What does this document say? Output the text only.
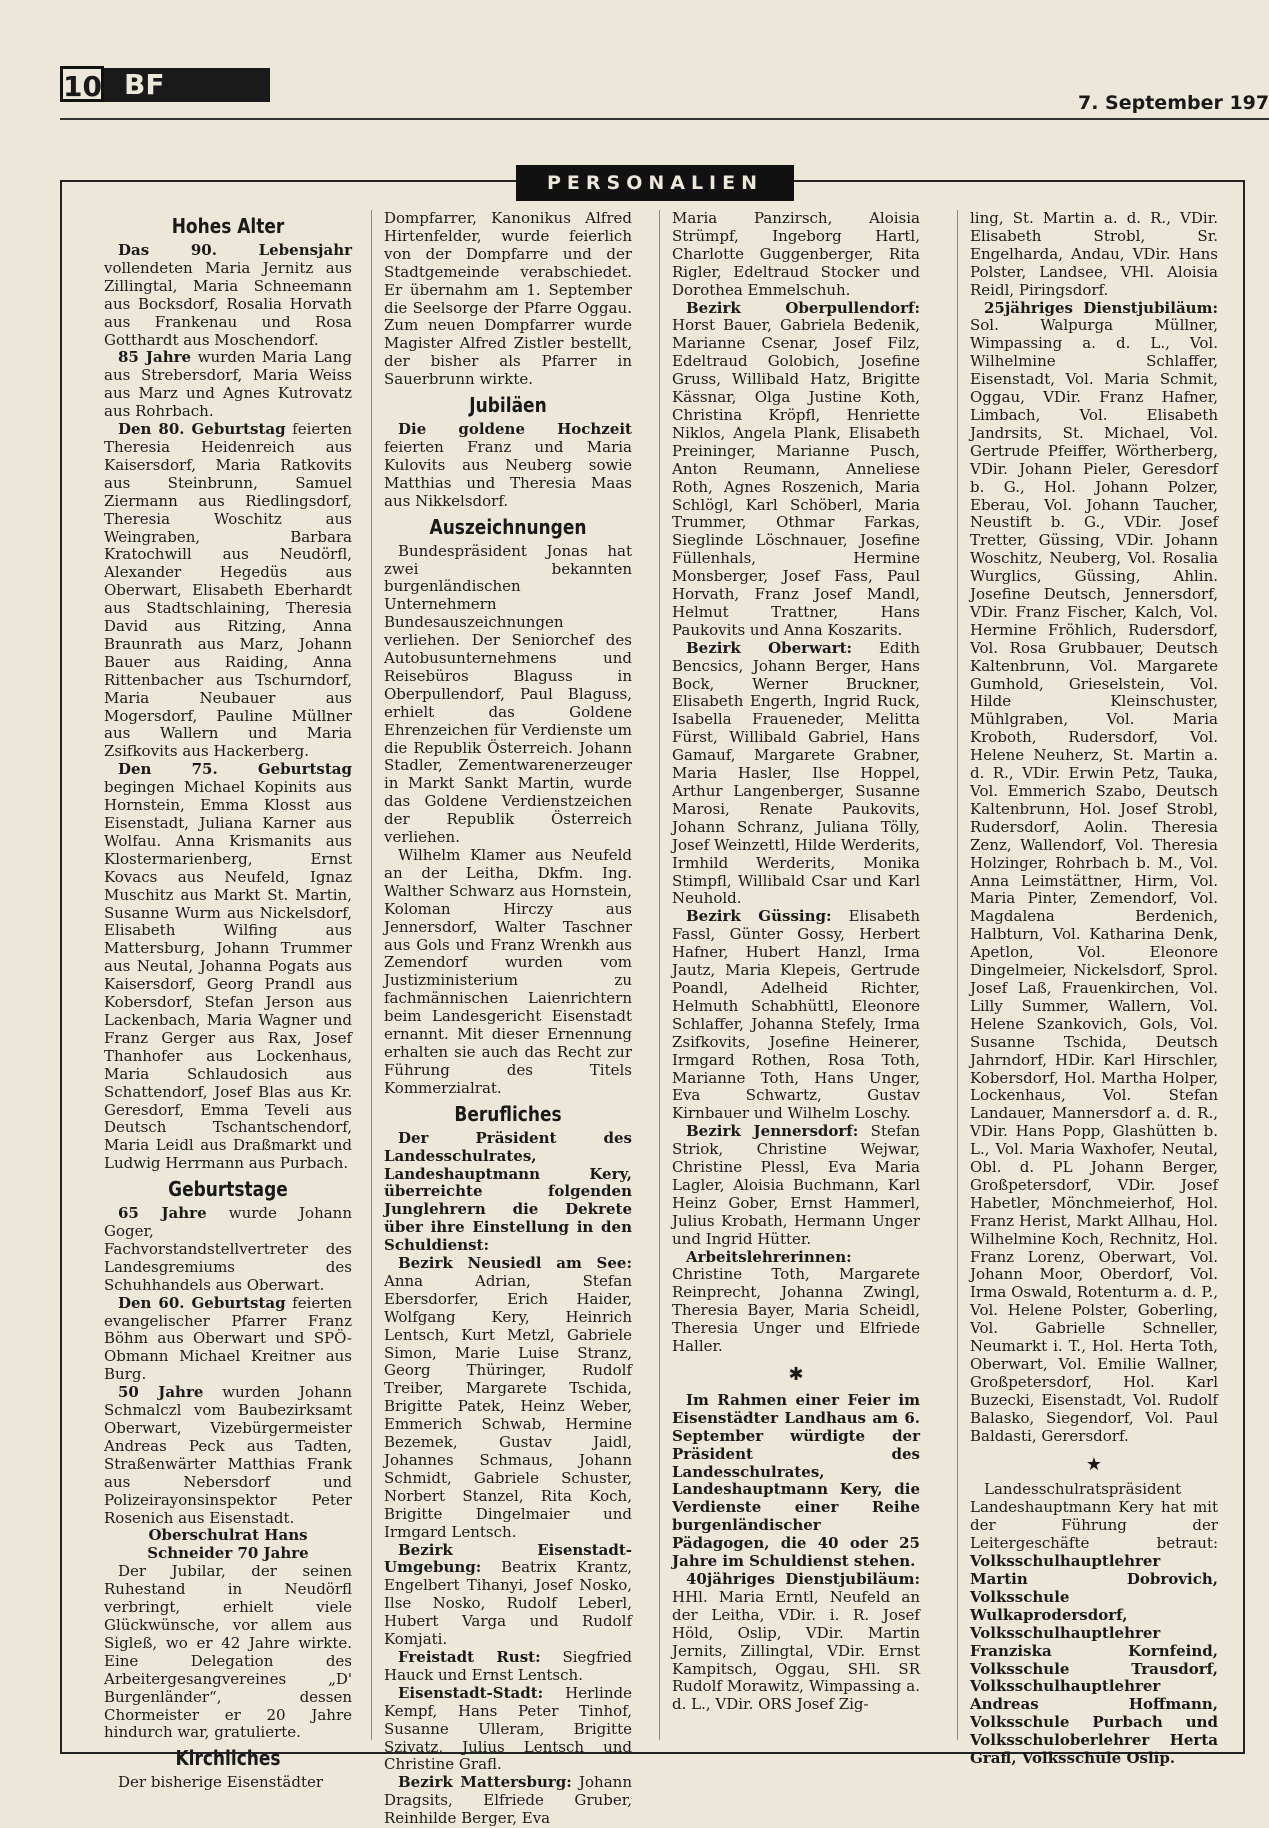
10 BF
7. September 197
PERSONALIEN
Hohes Alter

Das 90. Lebensjahr vollendeten Maria Jernitz aus Zillingtal, Maria Schneemann aus Bocksdorf, Rosalia Horvath aus Frankenau und Rosa Gotthardt aus Moschendorf.

85 Jahre wurden Maria Lang aus Strebersdorf, Maria Weiss aus Marz und Agnes Kutrovatz aus Rohrbach.

Den 80. Geburtstag feierten Theresia Heidenreich aus Kaisersdorf, Maria Ratkovits aus Steinbrunn, Samuel Ziermann aus Riedlingsdorf, Theresia Woschitz aus Weingraben, Barbara Kratochwill aus Neudörfl, Alexander Hegedüs aus Oberwart, Elisabeth Eberhardt aus Stadtschlaining, Theresia David aus Ritzing, Anna Braunrath aus Marz, Johann Bauer aus Raiding, Anna Rittenbacher aus Tschurndorf, Maria Neubauer aus Mogersdorf, Pauline Müllner aus Wallern und Maria Zsifkovits aus Hackerberg.

Den 75. Geburtstag begingen Michael Kopinits aus Hornstein, Emma Klosst aus Eisenstadt, Juliana Karner aus Wolfau. Anna Krismanits aus Klostermarienberg, Ernst Kovacs aus Neufeld, Ignaz Muschitz aus Markt St. Martin, Susanne Wurm aus Nickelsdorf, Elisabeth Wilfing aus Mattersburg, Johann Trummer aus Neutal, Johanna Pogats aus Kaisersdorf, Georg Prandl aus Kobersdorf, Stefan Jerson aus Lackenbach, Maria Wagner und Franz Gerger aus Rax, Josef Thanhofer aus Lockenhaus, Maria Schlaudosich aus Schattendorf, Josef Blas aus Kr. Geresdorf, Emma Teveli aus Deutsch Tschantschendorf, Maria Leidl aus Draßmarkt und Ludwig Herrmann aus Purbach.

Geburtstage

65 Jahre wurde Johann Goger, Fachvorstandstellvertreter des Landesgremiums des Schuhhandels aus Oberwart.

Den 60. Geburtstag feierten evangelischer Pfarrer Franz Böhm aus Oberwart und SPÖ-Obmann Michael Kreitner aus Burg.

50 Jahre wurden Johann Schmalczl vom Baubezirksamt Oberwart, Vizebürgermeister Andreas Peck aus Tadten, Straßenwärter Matthias Frank aus Nebersdorf und Polizeirayonsinspektor Peter Rosenich aus Eisenstadt.

Oberschulrat Hans Schneider 70 Jahre

Der Jubilar, der seinen Ruhestand in Neudörfl verbringt, erhielt viele Glückwünsche, vor allem aus Sigleß, wo er 42 Jahre wirkte. Eine Delegation des Arbeitergesangvereines „D' Burgenländer“, dessen Chormeister er 20 Jahre hindurch war, gratulierte.

Kirchliches

Der bisherige Eisenstädter

Dompfarrer, Kanonikus Alfred Hirtenfelder, wurde feierlich von der Dompfarre und der Stadtgemeinde verabschiedet. Er übernahm am 1. September die Seelsorge der Pfarre Oggau. Zum neuen Dompfarrer wurde Magister Alfred Zistler bestellt, der bisher als Pfarrer in Sauerbrunn wirkte.

Jubiläen

Die goldene Hochzeit feierten Franz und Maria Kulovits aus Neuberg sowie Matthias und Theresia Maas aus Nikkelsdorf.

Auszeichnungen

Bundespräsident Jonas hat zwei bekannten burgenländischen Unternehmern Bundesauszeichnungen verliehen. Der Seniorchef des Autobusunternehmens und Reisebüros Blaguss in Oberpullendorf, Paul Blaguss, erhielt das Goldene Ehrenzeichen für Verdienste um die Republik Österreich. Johann Stadler, Zementwarenerzeuger in Markt Sankt Martin, wurde das Goldene Verdienstzeichen der Republik Österreich verliehen.

Wilhelm Klamer aus Neufeld an der Leitha, Dkfm. Ing. Walther Schwarz aus Hornstein, Koloman Hirczy aus Jennersdorf, Walter Taschner aus Gols und Franz Wrenkh aus Zemendorf wurden vom Justizministerium zu fachmännischen Laienrichtern beim Landesgericht Eisenstadt ernannt. Mit dieser Ernennung erhalten sie auch das Recht zur Führung des Titels Kommerzialrat.

Berufliches

Der Präsident des Landesschulrates, Landeshauptmann Kery, überreichte folgenden Junglehrern die Dekrete über ihre Einstellung in den Schuldienst:

Bezirk Neusiedl am See: Anna Adrian, Stefan Ebersdorfer, Erich Haider, Wolfgang Kery, Heinrich Lentsch, Kurt Metzl, Gabriele Simon, Marie Luise Stranz, Georg Thüringer, Rudolf Treiber, Margarete Tschida, Brigitte Patek, Heinz Weber, Emmerich Schwab, Hermine Bezemek, Gustav Jaidl, Johannes Schmaus, Johann Schmidt, Gabriele Schuster, Norbert Stanzel, Rita Koch, Brigitte Dingelmaier und Irmgard Lentsch.

Bezirk Eisenstadt-Umgebung: Beatrix Krantz, Engelbert Tihanyi, Josef Nosko, Ilse Nosko, Rudolf Leberl, Hubert Varga und Rudolf Komjati.

Freistadt Rust: Siegfried Hauck und Ernst Lentsch.

Eisenstadt-Stadt: Herlinde Kempf, Hans Peter Tinhof, Susanne Ulleram, Brigitte Szivatz, Julius Lentsch und Christine Grafl.

Bezirk Mattersburg: Johann Dragsits, Elfriede Gruber, Reinhilde Berger, Eva

Maria Panzirsch, Aloisia Strümpf, Ingeborg Hartl, Charlotte Guggenberger, Rita Rigler, Edeltraud Stocker und Dorothea Emmelschuh.

Bezirk Oberpullendorf: Horst Bauer, Gabriela Bedenik, Marianne Csenar, Josef Filz, Edeltraud Golobich, Josefine Gruss, Willibald Hatz, Brigitte Kässnar, Olga Justine Koth, Christina Kröpfl, Henriette Niklos, Angela Plank, Elisabeth Preininger, Marianne Pusch, Anton Reumann, Anneliese Roth, Agnes Roszenich, Maria Schlögl, Karl Schöberl, Maria Trummer, Othmar Farkas, Sieglinde Löschnauer, Josefine Füllenhals, Hermine Monsberger, Josef Fass, Paul Horvath, Franz Josef Mandl, Helmut Trattner, Hans Paukovits und Anna Koszarits.

Bezirk Oberwart: Edith Bencsics, Johann Berger, Hans Bock, Werner Bruckner, Elisabeth Engerth, Ingrid Ruck, Isabella Fraueneder, Melitta Fürst, Willibald Gabriel, Hans Gamauf, Margarete Grabner, Maria Hasler, Ilse Hoppel, Arthur Langenberger, Susanne Marosi, Renate Paukovits, Johann Schranz, Juliana Tölly, Josef Weinzettl, Hilde Werderits, Irmhild Werderits, Monika Stimpfl, Willibald Csar und Karl Neuhold.

Bezirk Güssing: Elisabeth Fassl, Günter Gossy, Herbert Hafner, Hubert Hanzl, Irma Jautz, Maria Klepeis, Gertrude Poandl, Adelheid Richter, Helmuth Schabhüttl, Eleonore Schlaffer, Johanna Stefely, Irma Zsifkovits, Josefine Heinerer, Irmgard Rothen, Rosa Toth, Marianne Toth, Hans Unger, Eva Schwartz, Gustav Kirnbauer und Wilhelm Loschy.

Bezirk Jennersdorf: Stefan Striok, Christine Wejwar, Christine Plessl, Eva Maria Lagler, Aloisia Buchmann, Karl Heinz Gober, Ernst Hammerl, Julius Krobath, Hermann Unger und Ingrid Hütter.

Arbeitslehrerinnen: Christine Toth, Margarete Reinprecht, Johanna Zwingl, Theresia Bayer, Maria Scheidl, Theresia Unger und Elfriede Haller.

✱

Im Rahmen einer Feier im Eisenstädter Landhaus am 6. September würdigte der Präsident des Landesschulrates, Landeshauptmann Kery, die Verdienste einer Reihe burgenländischer Pädagogen, die 40 oder 25 Jahre im Schuldienst stehen.

40jähriges Dienstjubiläum: HHl. Maria Erntl, Neufeld an der Leitha, VDir. i. R. Josef Höld, Oslip, VDir. Martin Jernits, Zillingtal, VDir. Ernst Kampitsch, Oggau, SHl. SR Rudolf Morawitz, Wimpassing a. d. L., VDir. ORS Josef Zig-

ling, St. Martin a. d. R., VDir. Elisabeth Strobl, Sr. Engelharda, Andau, VDir. Hans Polster, Landsee, VHl. Aloisia Reidl, Piringsdorf.

25jähriges Dienstjubiläum: Sol. Walpurga Müllner, Wimpassing a. d. L., Vol. Wilhelmine Schlaffer, Eisenstadt, Vol. Maria Schmit, Oggau, VDir. Franz Hafner, Limbach, Vol. Elisabeth Jandrsits, St. Michael, Vol. Gertrude Pfeiffer, Wörtherberg, VDir. Johann Pieler, Geresdorf b. G., Hol. Johann Polzer, Eberau, Vol. Johann Taucher, Neustift b. G., VDir. Josef Tretter, Güssing, VDir. Johann Woschitz, Neuberg, Vol. Rosalia Wurglics, Güssing, Ahlin. Josefine Deutsch, Jennersdorf, VDir. Franz Fischer, Kalch, Vol. Hermine Fröhlich, Rudersdorf, Vol. Rosa Grubbauer, Deutsch Kaltenbrunn, Vol. Margarete Gumhold, Grieselstein, Vol. Hilde Kleinschuster, Mühlgraben, Vol. Maria Kroboth, Rudersdorf, Vol. Helene Neuherz, St. Martin a. d. R., VDir. Erwin Petz, Tauka, Vol. Emmerich Szabo, Deutsch Kaltenbrunn, Hol. Josef Strobl, Rudersdorf, Aolin. Theresia Zenz, Wallendorf, Vol. Theresia Holzinger, Rohrbach b. M., Vol. Anna Leimstättner, Hirm, Vol. Maria Pinter, Zemendorf, Vol. Magdalena Berdenich, Halbturn, Vol. Katharina Denk, Apetlon, Vol. Eleonore Dingelmeier, Nickelsdorf, Sprol. Josef Laß, Frauenkirchen, Vol. Lilly Summer, Wallern, Vol. Helene Szankovich, Gols, Vol. Susanne Tschida, Deutsch Jahrndorf, HDir. Karl Hirschler, Kobersdorf, Hol. Martha Holper, Lockenhaus, Vol. Stefan Landauer, Mannersdorf a. d. R., VDir. Hans Popp, Glashütten b. L., Vol. Maria Waxhofer, Neutal, Obl. d. PL Johann Berger, Großpetersdorf, VDir. Josef Habetler, Mönchmeierhof, Hol. Franz Herist, Markt Allhau, Hol. Wilhelmine Koch, Rechnitz, Hol. Franz Lorenz, Oberwart, Vol. Johann Moor, Oberdorf, Vol. Irma Oswald, Rotenturm a. d. P., Vol. Helene Polster, Goberling, Vol. Gabrielle Schneller, Neumarkt i. T., Hol. Herta Toth, Oberwart, Vol. Emilie Wallner, Großpetersdorf, Hol. Karl Buzecki, Eisenstadt, Vol. Rudolf Balasko, Siegendorf, Vol. Paul Baldasti, Gerersdorf.

★

Landesschulratspräsident Landeshauptmann Kery hat mit der Führung der Leitergeschäfte betraut: Volksschulhauptlehrer Martin Dobrovich, Volksschule Wulkaprodersdorf, Volksschulhauptlehrer Franziska Kornfeind, Volksschule Trausdorf, Volksschulhauptlehrer Andreas Hoffmann, Volksschule Purbach und Volksschuloberlehrer Herta Grafl, Volksschule Oslip.
